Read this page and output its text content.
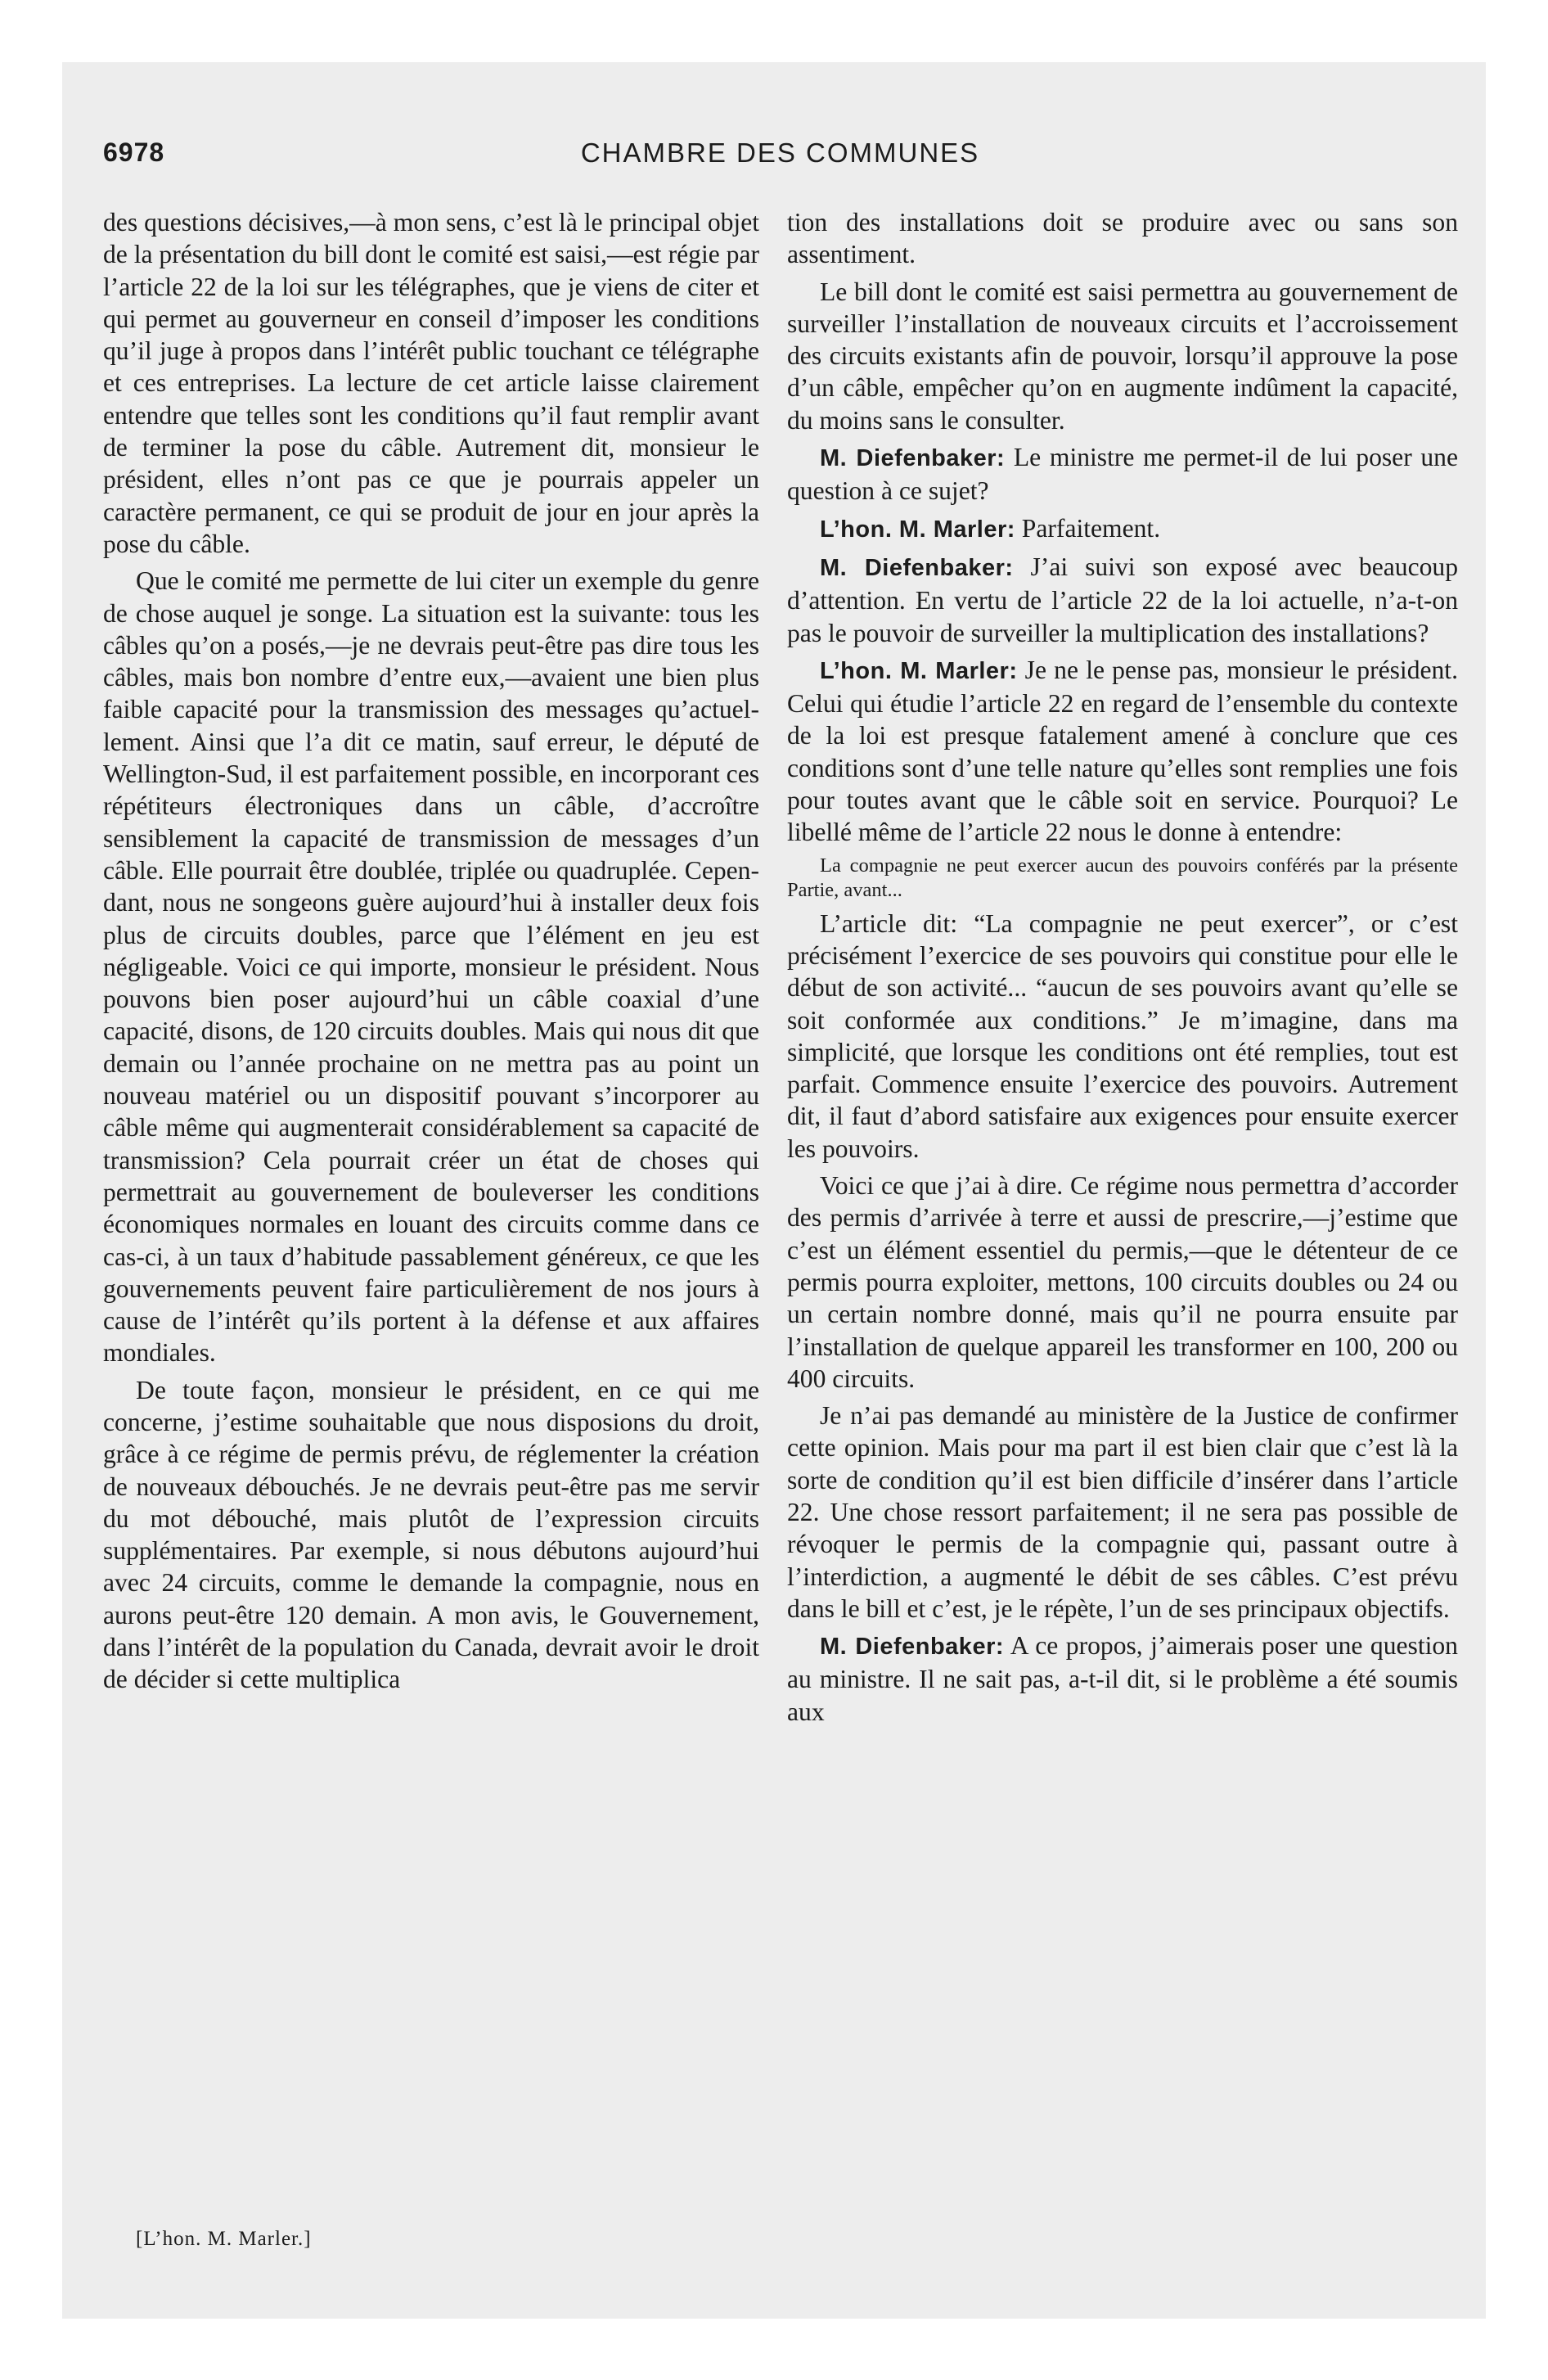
6978	CHAMBRE DES COMMUNES

des questions décisives,—à mon sens, c’est là le principal objet de la présentation du bill dont le comité est saisi,—est régie par l’article 22 de la loi sur les télégraphes, que je viens de citer et qui permet au gouverneur en conseil d’imposer les conditions qu’il juge à propos dans l’intérêt public touchant ce télégraphe et ces entreprises. La lecture de cet article laisse clairement entendre que telles sont les conditions qu’il faut remplir avant de terminer la pose du câble. Autrement dit, monsieur le président, elles n’ont pas ce que je pourrais appeler un caractère permanent, ce qui se produit de jour en jour après la pose du câble.

Que le comité me permette de lui citer un exemple du genre de chose auquel je songe. La situation est la suivante: tous les câbles qu’on a posés,—je ne devrais peut-être pas dire tous les câbles, mais bon nombre d’entre eux,—avaient une bien plus faible capacité pour la transmission des messages qu’actuellement. Ainsi que l’a dit ce matin, sauf erreur, le député de Wellington-Sud, il est parfaitement possible, en incorporant ces répétiteurs électroniques dans un câble, d’accroître sensiblement la capacité de transmission de messages d’un câble. Elle pourrait être doublée, triplée ou quadruplée. Cependant, nous ne songeons guère aujourd’hui à installer deux fois plus de circuits doubles, parce que l’élément en jeu est négligeable. Voici ce qui importe, monsieur le président. Nous pouvons bien poser aujourd’hui un câble coaxial d’une capacité, disons, de 120 circuits doubles. Mais qui nous dit que demain ou l’année prochaine on ne mettra pas au point un nouveau matériel ou un dispositif pouvant s’incorporer au câble même qui augmenterait considérablement sa capacité de transmission? Cela pourrait créer un état de choses qui permettrait au gouvernement de bouleverser les conditions économiques normales en louant des circuits comme dans ce cas-ci, à un taux d’habitude passablement généreux, ce que les gouvernements peuvent faire particulièrement de nos jours à cause de l’intérêt qu’ils portent à la défense et aux affaires mondiales.

De toute façon, monsieur le président, en ce qui me concerne, j’estime souhaitable que nous disposions du droit, grâce à ce régime de permis prévu, de réglementer la création de nouveaux débouchés. Je ne devrais peut-être pas me servir du mot débouché, mais plutôt de l’expression circuits supplémentaires. Par exemple, si nous débutons aujourd’hui avec 24 circuits, comme le demande la compagnie, nous en aurons peut-être 120 demain. A mon avis, le Gouvernement, dans l’intérêt de la population du Canada, devrait avoir le droit de décider si cette multiplica

[L’hon. M. Marler.]

tion des installations doit se produire avec ou sans son assentiment.

Le bill dont le comité est saisi permettra au gouvernement de surveiller l’installation de nouveaux circuits et l’accroissement des circuits existants afin de pouvoir, lorsqu’il approuve la pose d’un câble, empêcher qu’on en augmente indûment la capacité, du moins sans le consulter.

M. Diefenbaker: Le ministre me permet-il de lui poser une question à ce sujet?

L’hon. M. Marler: Parfaitement.

M. Diefenbaker: J’ai suivi son exposé avec beaucoup d’attention. En vertu de l’article 22 de la loi actuelle, n’a-t-on pas le pouvoir de surveiller la multiplication des installations?

L’hon. M. Marler: Je ne le pense pas, monsieur le président. Celui qui étudie l’article 22 en regard de l’ensemble du contexte de la loi est presque fatalement amené à conclure que ces conditions sont d’une telle nature qu’elles sont remplies une fois pour toutes avant que le câble soit en service. Pourquoi? Le libellé même de l’article 22 nous le donne à entendre:

La compagnie ne peut exercer aucun des pouvoirs conférés par la présente Partie, avant...

L’article dit: “La compagnie ne peut exercer”, or c’est précisément l’exercice de ses pouvoirs qui constitue pour elle le début de son activité... “aucun de ses pouvoirs avant qu’elle se soit conformée aux conditions.” Je m’imagine, dans ma simplicité, que lorsque les conditions ont été remplies, tout est parfait. Commence ensuite l’exercice des pouvoirs. Autrement dit, il faut d’abord satisfaire aux exigences pour ensuite exercer les pouvoirs.

Voici ce que j’ai à dire. Ce régime nous permettra d’accorder des permis d’arrivée à terre et aussi de prescrire,—j’estime que c’est un élément essentiel du permis,—que le détenteur de ce permis pourra exploiter, mettons, 100 circuits doubles ou 24 ou un certain nombre donné, mais qu’il ne pourra ensuite par l’installation de quelque appareil les transformer en 100, 200 ou 400 circuits.

Je n’ai pas demandé au ministère de la Justice de confirmer cette opinion. Mais pour ma part il est bien clair que c’est là la sorte de condition qu’il est bien difficile d’insérer dans l’article 22. Une chose ressort parfaitement; il ne sera pas possible de révoquer le permis de la compagnie qui, passant outre à l’interdiction, a augmenté le débit de ses câbles. C’est prévu dans le bill et c’est, je le répète, l’un de ses principaux objectifs.

M. Diefenbaker: A ce propos, j’aimerais poser une question au ministre. Il ne sait pas, a-t-il dit, si le problème a été soumis aux
